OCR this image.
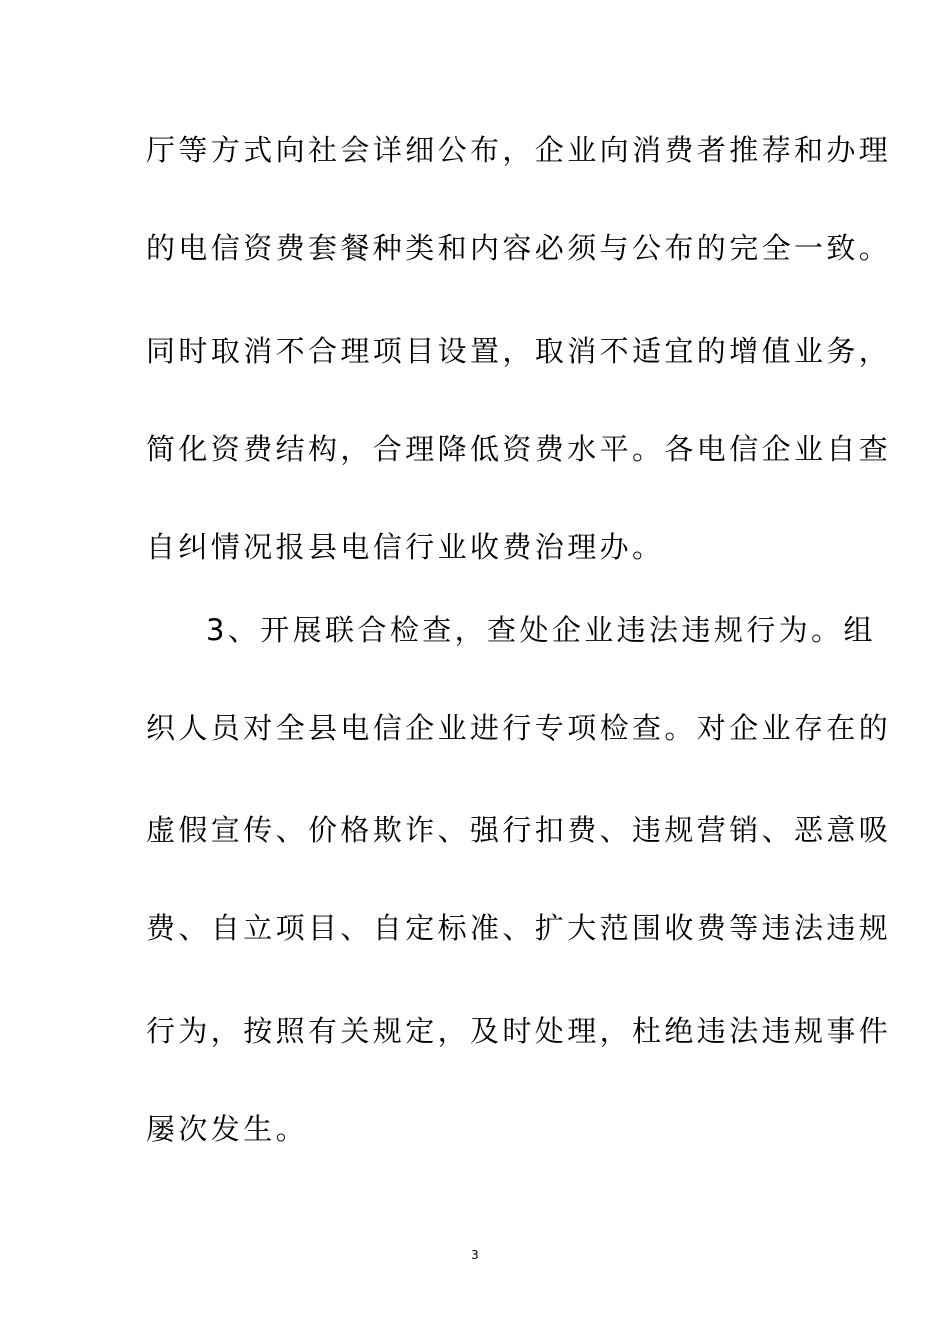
厅等方式向社会详细公布，企业向消费者推荐和办理
的电信资费套餐种类和内容必须与公布的完全一致。
同时取消不合理项目设置，取消不适宜的增值业务，
简化资费结构，合理降低资费水平。各电信企业自查
自纠情况报县电信行业收费治理办。
3、开展联合检查，查处企业违法违规行为。组
织人员对全县电信企业进行专项检查。对企业存在的
虚假宣传、价格欺诈、强行扣费、违规营销、恶意吸
费、自立项目、自定标准、扩大范围收费等违法违规
行为，按照有关规定，及时处理，杜绝违法违规事件
屡次发生。
3
